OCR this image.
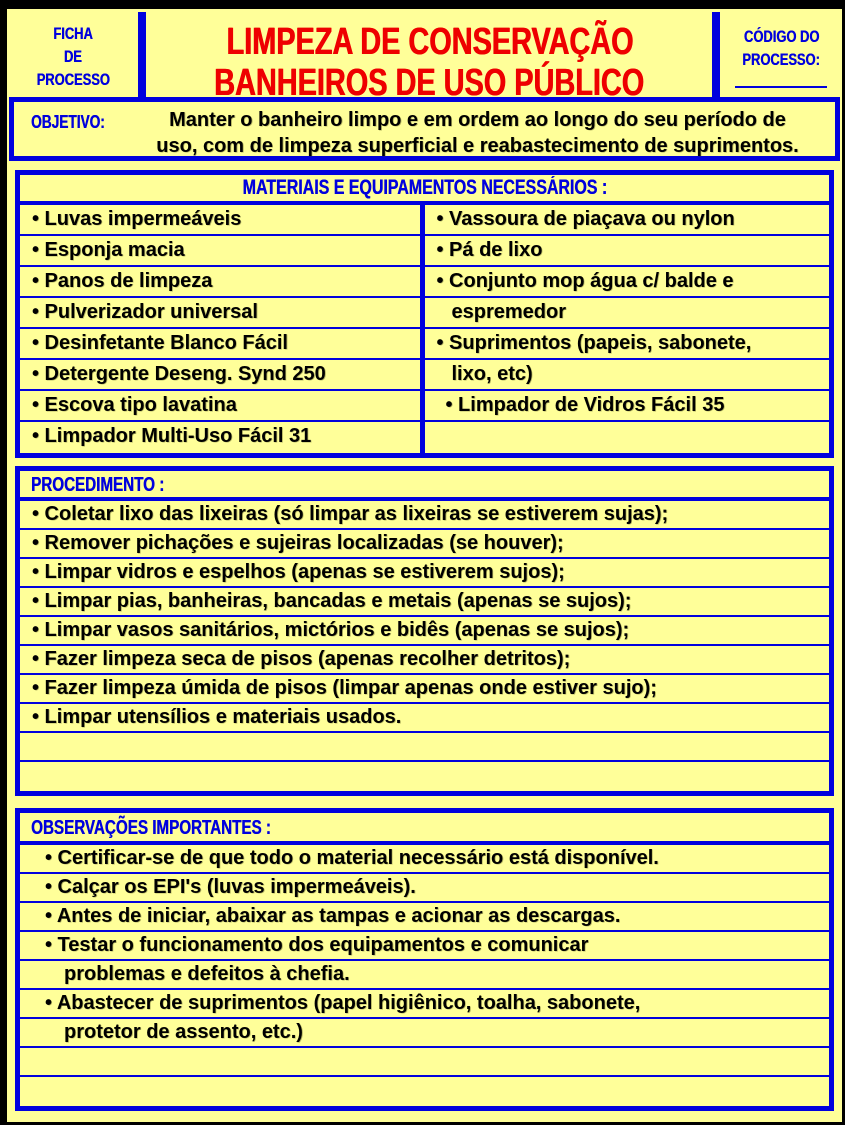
FICHA
DE
PROCESSO
LIMPEZA DE CONSERVAÇÃO
BANHEIROS DE USO PÚBLICO
CÓDIGO DO
PROCESSO:
OBJETIVO:	Manter o banheiro limpo e em ordem ao longo do seu período de
uso, com de limpeza superficial e reabastecimento de suprimentos.
MATERIAIS E EQUIPAMENTOS NECESSÁRIOS :
• Luvas impermeáveis
• Esponja macia
• Panos de limpeza
• Pulverizador universal
• Desinfetante Blanco Fácil
• Detergente Deseng. Synd 250
• Escova tipo lavatina
• Limpador Multi-Uso Fácil 31
• Vassoura de piaçava ou nylon
• Pá de lixo
• Conjunto mop água c/ balde e
espremedor
• Suprimentos (papeis, sabonete,
lixo, etc)
• Limpador de Vidros Fácil 35
PROCEDIMENTO :
• Coletar lixo das lixeiras (só limpar as lixeiras se estiverem sujas);
• Remover pichações e sujeiras localizadas (se houver);
• Limpar vidros e espelhos (apenas se estiverem sujos);
• Limpar pias, banheiras, bancadas e metais (apenas se sujos);
• Limpar vasos sanitários, mictórios e bidês (apenas se sujos);
• Fazer limpeza seca de pisos (apenas recolher detritos);
• Fazer limpeza úmida de pisos (limpar apenas onde estiver sujo);
• Limpar utensílios e materiais usados.
OBSERVAÇÕES IMPORTANTES :
• Certificar-se de que todo o material necessário está disponível.
• Calçar os EPI's (luvas impermeáveis).
• Antes de iniciar, abaixar as tampas e acionar as descargas.
• Testar o funcionamento dos equipamentos e comunicar
problemas e defeitos à chefia.
• Abastecer de suprimentos (papel higiênico, toalha, sabonete,
protetor de assento, etc.)
